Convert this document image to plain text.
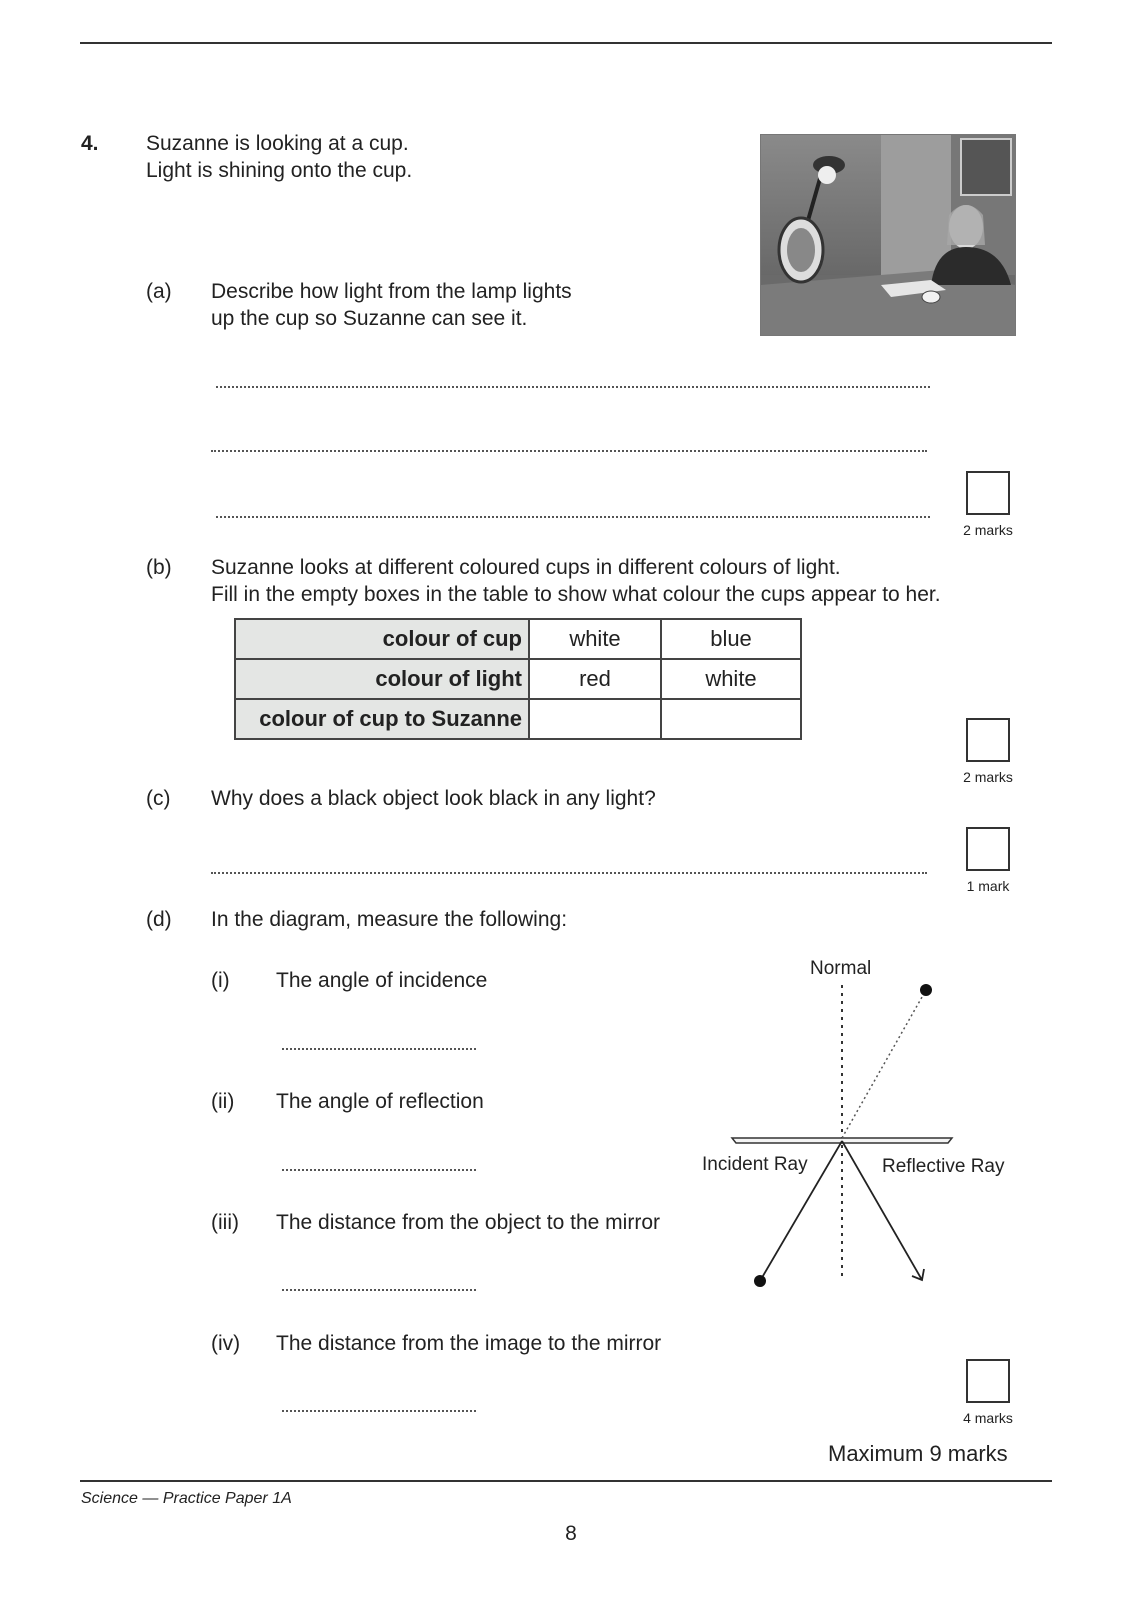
4. Suzanne is looking at a cup.
Light is shining onto the cup.
(a) Describe how light from the lamp lights
up the cup so Suzanne can see it.
2 marks
(b) Suzanne looks at different coloured cups in different colours of light.
Fill in the empty boxes in the table to show what colour the cups appear to her.
colour of cup	white	blue
colour of light	red	white
colour of cup to Suzanne		
2 marks
(c) Why does a black object look black in any light?
1 mark
(d) In the diagram, measure the following:
(i) The angle of incidence
(ii) The angle of reflection
(iii) The distance from the object to the mirror
(iv) The distance from the image to the mirror
Normal
Incident Ray	Reflective Ray
4 marks
Maximum 9 marks
Science — Practice Paper 1A
8
